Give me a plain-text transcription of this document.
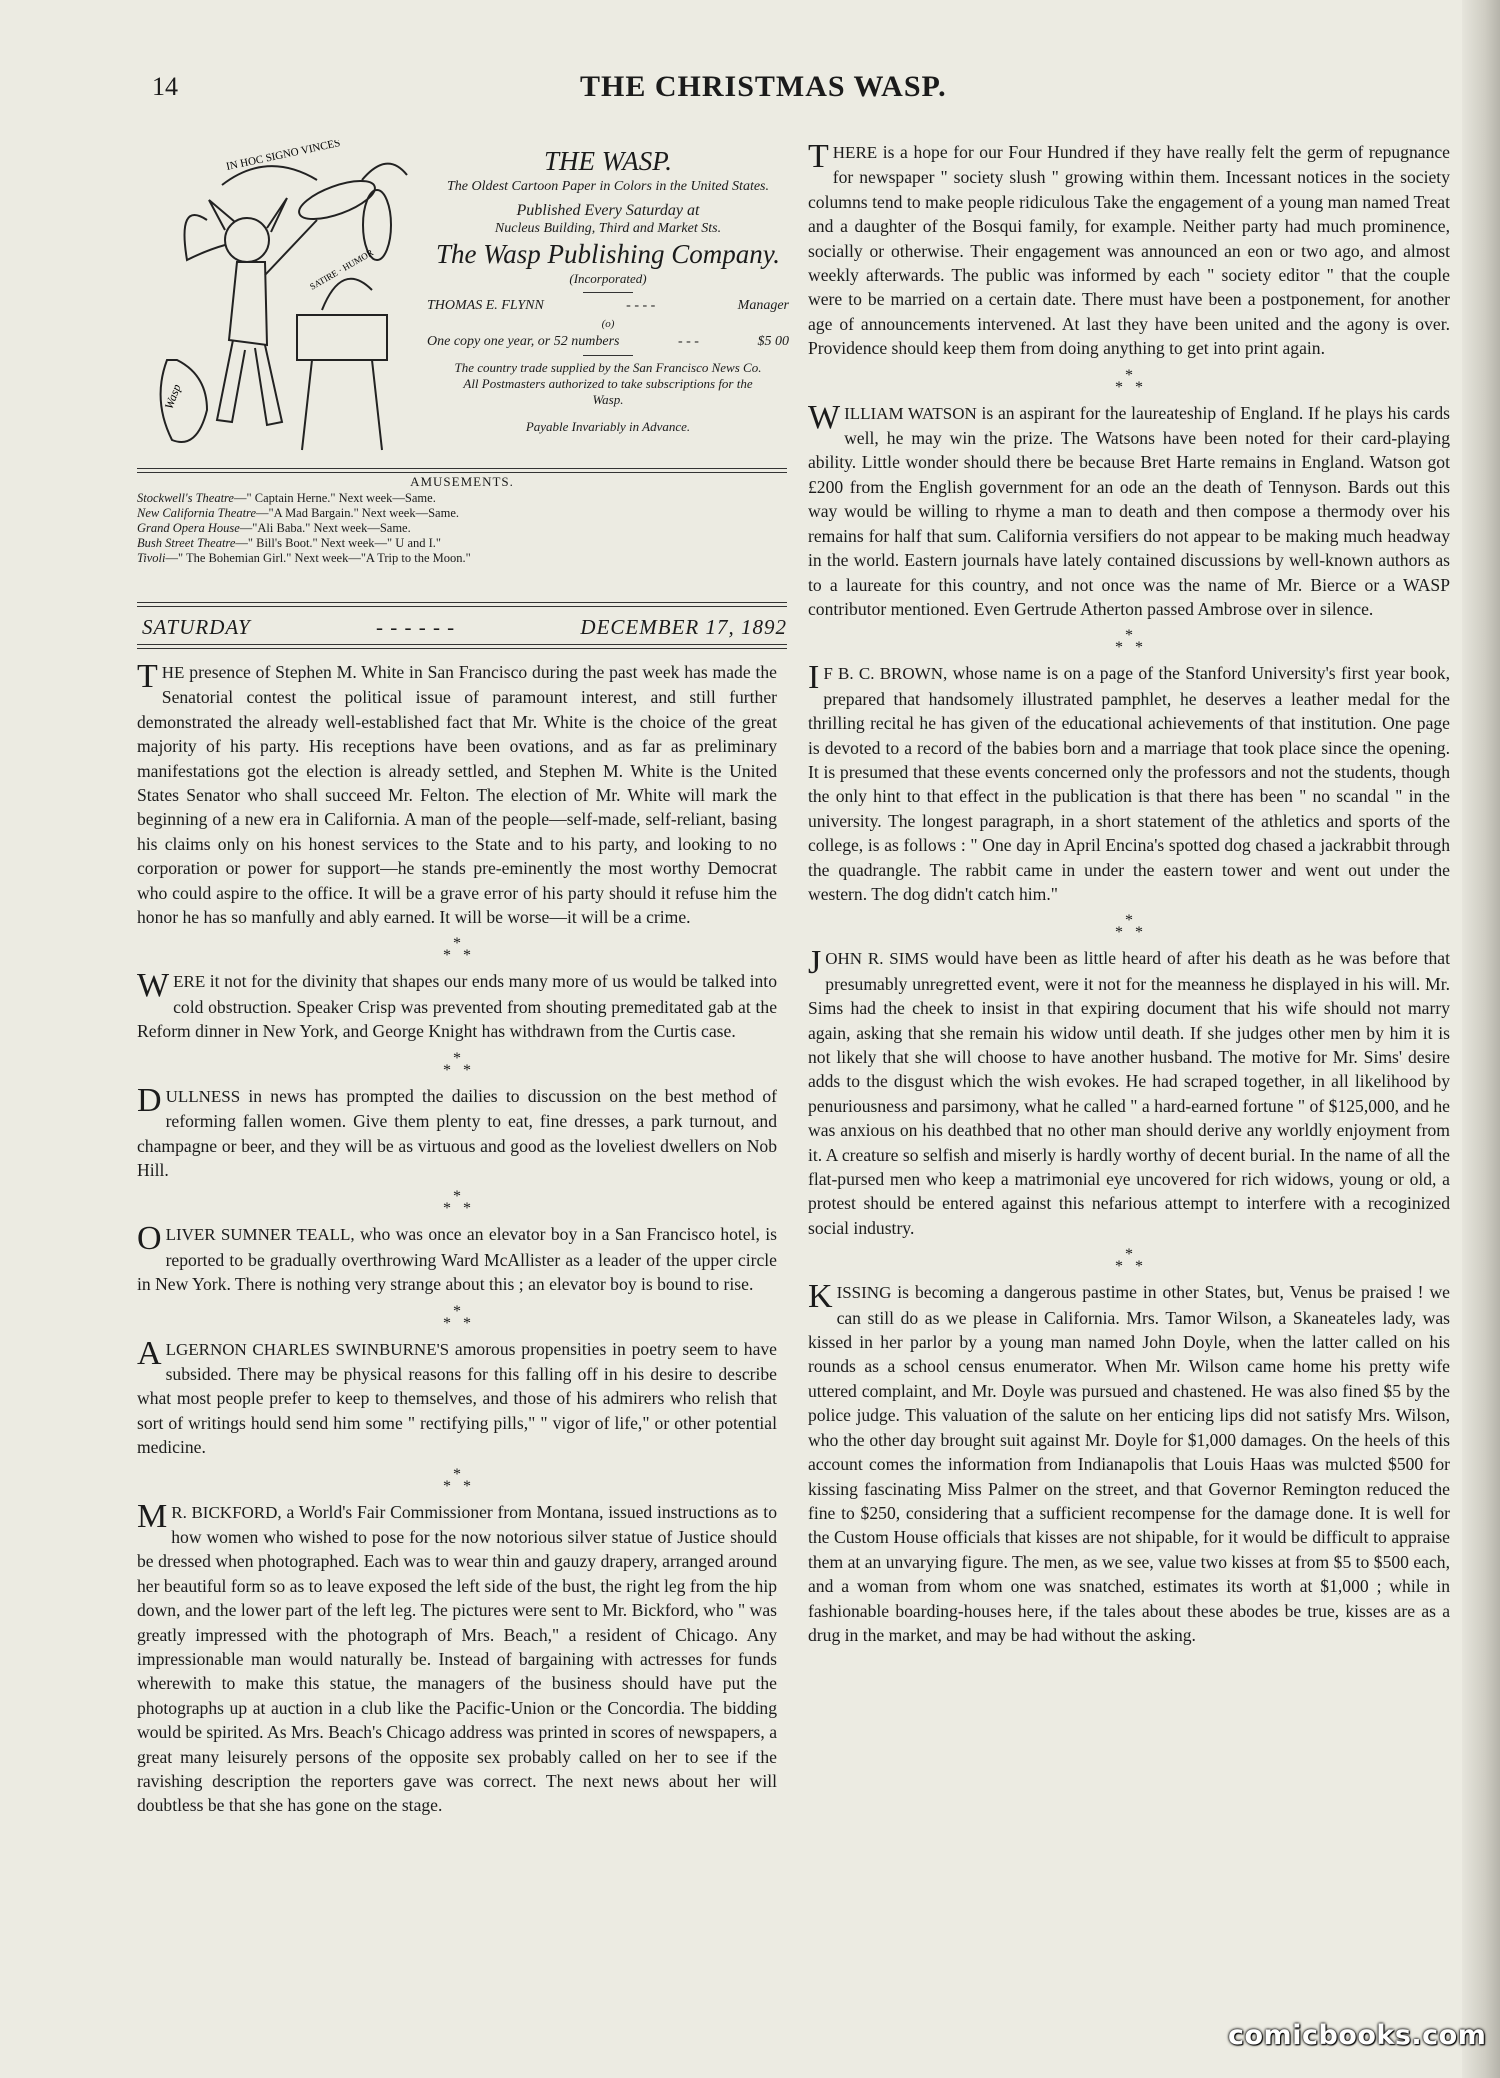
14	THE CHRISTMAS WASP.
IN HOC SIGNO VINCES
Wasp
SATIRE · HUMOR
THE WASP.
The Oldest Cartoon Paper in Colors in the United States.
Published Every Saturday at
Nucleus Building, Third and Market Sts.
The Wasp Publishing Company.
(Incorporated)
THOMAS E. FLYNN	- - - -	Manager
(o)
One copy one year, or 52 numbers	- - -	$5 00
The country trade supplied by the San Francisco News Co. All Postmasters authorized to take subscriptions for the Wasp.
Payable Invariably in Advance.
AMUSEMENTS.
Stockwell's Theatre—" Captain Herne." Next week—Same.
New California Theatre—"A Mad Bargain." Next week—Same.
Grand Opera House—"Ali Baba." Next week—Same.
Bush Street Theatre—" Bill's Boot." Next week—" U and I."
Tivoli—" The Bohemian Girl." Next week—"A Trip to the Moon."
SATURDAY	- - - - - -	DECEMBER 17, 1892
THE presence of Stephen M. White in San Francisco during the past week has made the Senatorial contest the political issue of paramount interest, and still further demonstrated the already well-established fact that Mr. White is the choice of the great majority of his party. His receptions have been ovations, and as far as preliminary manifestations got the election is already settled, and Stephen M. White is the United States Senator who shall succeed Mr. Felton. The election of Mr. White will mark the beginning of a new era in California. A man of the people—self-made, self-reliant, basing his claims only on his honest services to the State and to his party, and looking to no corporation or power for support—he stands pre-eminently the most worthy Democrat who could aspire to the office. It will be a grave error of his party should it refuse him the honor he has so manfully and ably earned. It will be worse—it will be a crime.
*
*   *
WERE it not for the divinity that shapes our ends many more of us would be talked into cold obstruction. Speaker Crisp was prevented from shouting premeditated gab at the Reform dinner in New York, and George Knight has withdrawn from the Curtis case.
*
*   *
DULLNESS in news has prompted the dailies to discussion on the best method of reforming fallen women. Give them plenty to eat, fine dresses, a park turnout, and champagne or beer, and they will be as virtuous and good as the loveliest dwellers on Nob Hill.
*
*   *
OLIVER SUMNER TEALL, who was once an elevator boy in a San Francisco hotel, is reported to be gradually overthrowing Ward McAllister as a leader of the upper circle in New York. There is nothing very strange about this ; an elevator boy is bound to rise.
*
*   *
ALGERNON CHARLES SWINBURNE'S amorous propensities in poetry seem to have subsided. There may be physical reasons for this falling off in his desire to describe what most people prefer to keep to themselves, and those of his admirers who relish that sort of writings hould send him some " rectifying pills," " vigor of life," or other potential medicine.
*
*   *
M R. BICKFORD, a World's Fair Commissioner from Montana, issued instructions as to how women who wished to pose for the now notorious silver statue of Justice should be dressed when photographed. Each was to wear thin and gauzy drapery, arranged around her beautiful form so as to leave exposed the left side of the bust, the right leg from the hip down, and the lower part of the left leg. The pictures were sent to Mr. Bickford, who " was greatly impressed with the photograph of Mrs. Beach," a resident of Chicago. Any impressionable man would naturally be. Instead of bargaining with actresses for funds wherewith to make this statue, the managers of the business should have put the photographs up at auction in a club like the Pacific-Union or the Concordia. The bidding would be spirited. As Mrs. Beach's Chicago address was printed in scores of newspapers, a great many leisurely persons of the opposite sex probably called on her to see if the ravishing description the reporters gave was correct. The next news about her will doubtless be that she has gone on the stage.
THERE is a hope for our Four Hundred if they have really felt the germ of repugnance for newspaper " society slush " growing within them. Incessant notices in the society columns tend to make people ridiculous Take the engagement of a young man named Treat and a daughter of the Bosqui family, for example. Neither party had much prominence, socially or otherwise. Their engagement was announced an eon or two ago, and almost weekly afterwards. The public was informed by each " society editor " that the couple were to be married on a certain date. There must have been a postponement, for another age of announcements intervened. At last they have been united and the agony is over. Providence should keep them from doing anything to get into print again.
*
*   *
WILLIAM WATSON is an aspirant for the laureateship of England. If he plays his cards well, he may win the prize. The Watsons have been noted for their card-playing ability. Little wonder should there be because Bret Harte remains in England. Watson got £200 from the English government for an ode an the death of Tennyson. Bards out this way would be willing to rhyme a man to death and then compose a thermody over his remains for half that sum. California versifiers do not appear to be making much headway in the world. Eastern journals have lately contained discussions by well-known authors as to a laureate for this country, and not once was the name of Mr. Bierce or a WASP contributor mentioned. Even Gertrude Atherton passed Ambrose over in silence.
*
*   *
I F B. C. BROWN, whose name is on a page of the Stanford University's first year book, prepared that handsomely illustrated pamphlet, he deserves a leather medal for the thrilling recital he has given of the educational achievements of that institution. One page is devoted to a record of the babies born and a marriage that took place since the opening. It is presumed that these events concerned only the professors and not the students, though the only hint to that effect in the publication is that there has been " no scandal " in the university. The longest paragraph, in a short statement of the athletics and sports of the college, is as follows : " One day in April Encina's spotted dog chased a jackrabbit through the quadrangle. The rabbit came in under the eastern tower and went out under the western. The dog didn't catch him."
*
*   *
JOHN R. SIMS would have been as little heard of after his death as he was before that presumably unregretted event, were it not for the meanness he displayed in his will. Mr. Sims had the cheek to insist in that expiring document that his wife should not marry again, asking that she remain his widow until death. If she judges other men by him it is not likely that she will choose to have another husband. The motive for Mr. Sims' desire adds to the disgust which the wish evokes. He had scraped together, in all likelihood by penuriousness and parsimony, what he called " a hard-earned fortune " of $125,000, and he was anxious on his deathbed that no other man should derive any worldly enjoyment from it. A creature so selfish and miserly is hardly worthy of decent burial. In the name of all the flat-pursed men who keep a matrimonial eye uncovered for rich widows, young or old, a protest should be entered against this nefarious attempt to interfere with a recoginized social industry.
*
*   *
KISSING is becoming a dangerous pastime in other States, but, Venus be praised ! we can still do as we please in California. Mrs. Tamor Wilson, a Skaneateles lady, was kissed in her parlor by a young man named John Doyle, when the latter called on his rounds as a school census enumerator. When Mr. Wilson came home his pretty wife uttered complaint, and Mr. Doyle was pursued and chastened. He was also fined $5 by the police judge. This valuation of the salute on her enticing lips did not satisfy Mrs. Wilson, who the other day brought suit against Mr. Doyle for $1,000 damages. On the heels of this account comes the information from Indianapolis that Louis Haas was mulcted $500 for kissing fascinating Miss Palmer on the street, and that Governor Remington reduced the fine to $250, considering that a sufficient recompense for the damage done. It is well for the Custom House officials that kisses are not shipable, for it would be difficult to appraise them at an unvarying figure. The men, as we see, value two kisses at from $5 to $500 each, and a woman from whom one was snatched, estimates its worth at $1,000 ; while in fashionable boarding-houses here, if the tales about these abodes be true, kisses are as a drug in the market, and may be had without the asking.
comicbooks.com
